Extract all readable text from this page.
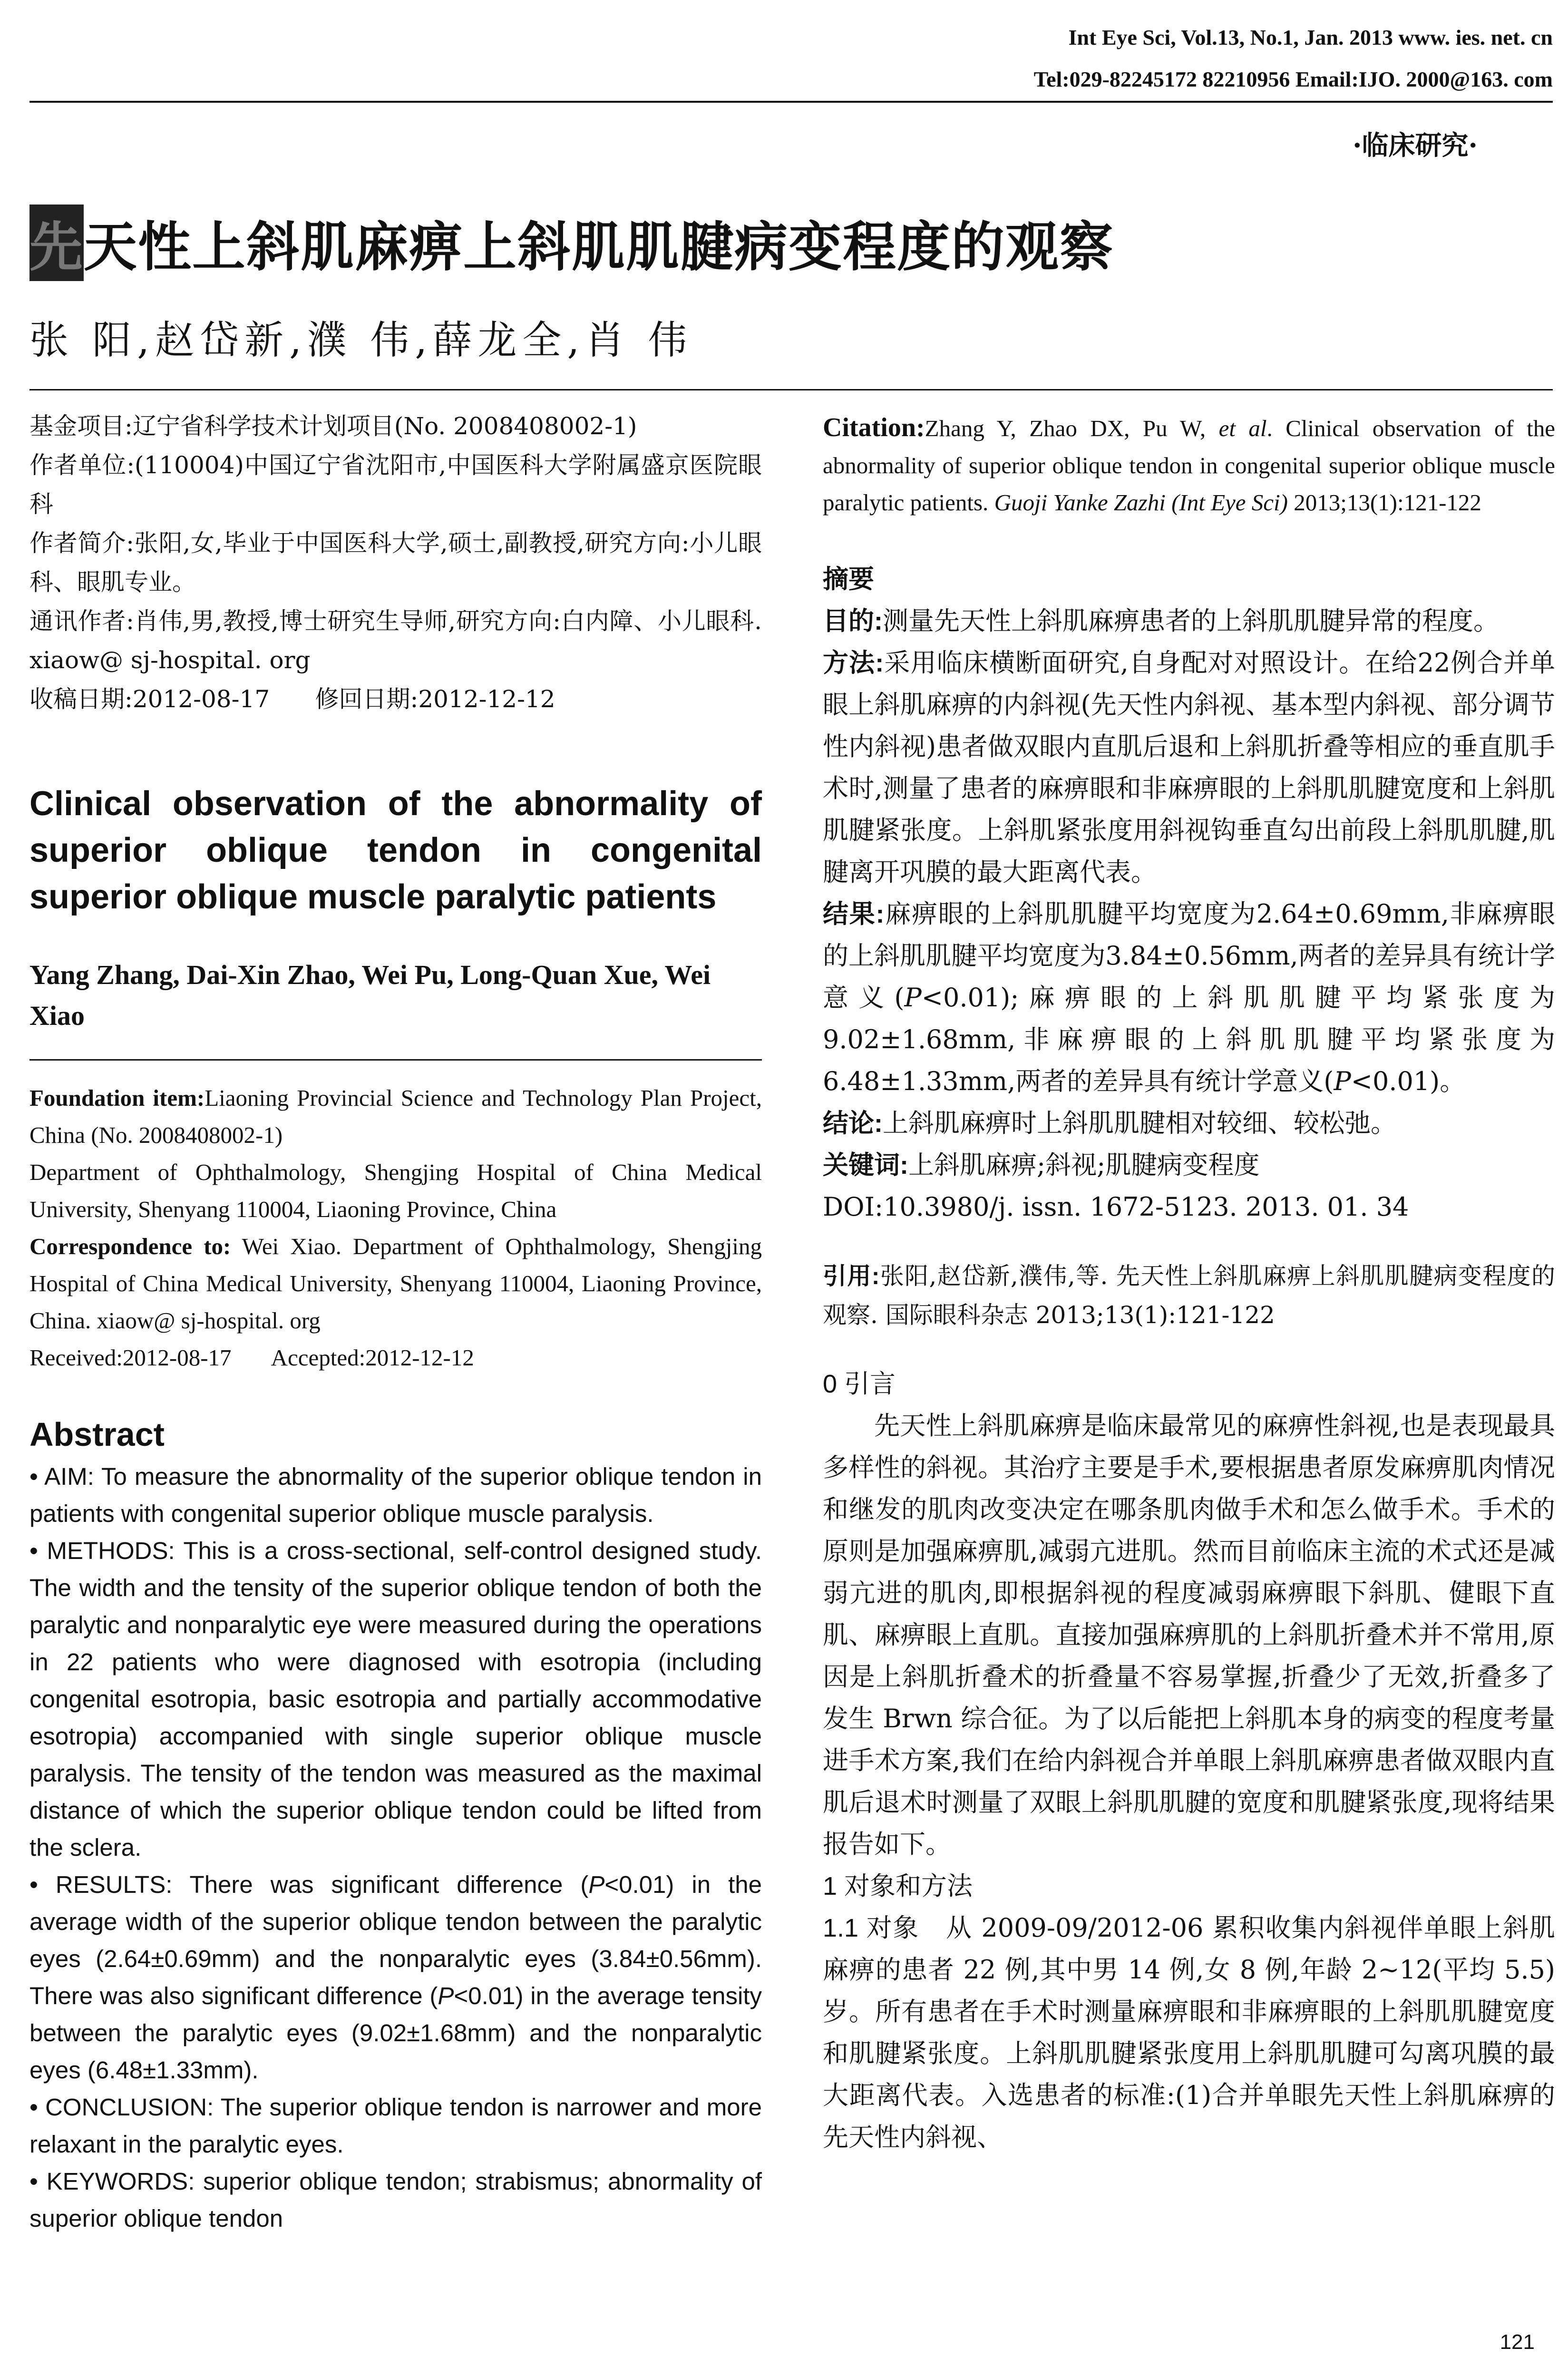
Int Eye Sci, Vol.13, No.1, Jan. 2013 www. ies. net. cn
Tel:029-82245172 82210956 Email:IJO. 2000@163. com
·临床研究·
先天性上斜肌麻痹上斜肌肌腱病变程度的观察
张 阳,赵岱新,濮 伟,薛龙全,肖 伟

基金项目:辽宁省科学技术计划项目(No. 2008408002-1)

作者单位:(110004)中国辽宁省沈阳市,中国医科大学附属盛京医院眼科

作者简介:张阳,女,毕业于中国医科大学,硕士,副教授,研究方向:小儿眼科、眼肌专业。

通讯作者:肖伟,男,教授,博士研究生导师,研究方向:白内障、小儿眼科. xiaow@ sj-hospital. org

收稿日期:2012-08-17      修回日期:2012-12-12

Clinical observation of the abnormality of superior oblique tendon in congenital superior oblique muscle paralytic patients

Yang Zhang, Dai-Xin Zhao, Wei Pu, Long-Quan Xue, Wei Xiao

Foundation item:Liaoning Provincial Science and Technology Plan Project, China (No. 2008408002-1)

Department of Ophthalmology, Shengjing Hospital of China Medical University, Shenyang 110004, Liaoning Province, China

Correspondence to: Wei Xiao. Department of Ophthalmology, Shengjing Hospital of China Medical University, Shenyang 110004, Liaoning Province, China. xiaow@ sj-hospital. org

Received:2012-08-17       Accepted:2012-12-12

Abstract

• AIM: To measure the abnormality of the superior oblique tendon in patients with congenital superior oblique muscle paralysis.

• METHODS: This is a cross-sectional, self-control designed study. The width and the tensity of the superior oblique tendon of both the paralytic and nonparalytic eye were measured during the operations in 22 patients who were diagnosed with esotropia (including congenital esotropia, basic esotropia and partially accommodative esotropia) accompanied with single superior oblique muscle paralysis. The tensity of the tendon was measured as the maximal distance of which the superior oblique tendon could be lifted from the sclera.

• RESULTS: There was significant difference (P<0.01) in the average width of the superior oblique tendon between the paralytic eyes (2.64±0.69mm) and the nonparalytic eyes (3.84±0.56mm). There was also significant difference (P<0.01) in the average tensity between the paralytic eyes (9.02±1.68mm) and the nonparalytic eyes (6.48±1.33mm).

• CONCLUSION: The superior oblique tendon is narrower and more relaxant in the paralytic eyes.

• KEYWORDS: superior oblique tendon; strabismus; abnormality of superior oblique tendon

Citation:Zhang Y, Zhao DX, Pu W, et al. Clinical observation of the abnormality of superior oblique tendon in congenital superior oblique muscle paralytic patients. Guoji Yanke Zazhi (Int Eye Sci) 2013;13(1):121-122

摘要

目的:测量先天性上斜肌麻痹患者的上斜肌肌腱异常的程度。

方法:采用临床横断面研究,自身配对对照设计。在给22例合并单眼上斜肌麻痹的内斜视(先天性内斜视、基本型内斜视、部分调节性内斜视)患者做双眼内直肌后退和上斜肌折叠等相应的垂直肌手术时,测量了患者的麻痹眼和非麻痹眼的上斜肌肌腱宽度和上斜肌肌腱紧张度。上斜肌紧张度用斜视钩垂直勾出前段上斜肌肌腱,肌腱离开巩膜的最大距离代表。

结果:麻痹眼的上斜肌肌腱平均宽度为2.64±0.69mm,非麻痹眼的上斜肌肌腱平均宽度为3.84±0.56mm,两者的差异具有统计学意义(P<0.01);麻痹眼的上斜肌肌腱平均紧张度为9.02±1.68mm,非麻痹眼的上斜肌肌腱平均紧张度为6.48±1.33mm,两者的差异具有统计学意义(P<0.01)。

结论:上斜肌麻痹时上斜肌肌腱相对较细、较松弛。

关键词:上斜肌麻痹;斜视;肌腱病变程度

DOI:10.3980/j. issn. 1672-5123. 2013. 01. 34

引用:张阳,赵岱新,濮伟,等. 先天性上斜肌麻痹上斜肌肌腱病变程度的观察. 国际眼科杂志 2013;13(1):121-122

0 引言

先天性上斜肌麻痹是临床最常见的麻痹性斜视,也是表现最具多样性的斜视。其治疗主要是手术,要根据患者原发麻痹肌肉情况和继发的肌肉改变决定在哪条肌肉做手术和怎么做手术。手术的原则是加强麻痹肌,减弱亢进肌。然而目前临床主流的术式还是减弱亢进的肌肉,即根据斜视的程度减弱麻痹眼下斜肌、健眼下直肌、麻痹眼上直肌。直接加强麻痹肌的上斜肌折叠术并不常用,原因是上斜肌折叠术的折叠量不容易掌握,折叠少了无效,折叠多了发生 Brwn 综合征。为了以后能把上斜肌本身的病变的程度考量进手术方案,我们在给内斜视合并单眼上斜肌麻痹患者做双眼内直肌后退术时测量了双眼上斜肌肌腱的宽度和肌腱紧张度,现将结果报告如下。

1 对象和方法

1.1 对象 从 2009-09/2012-06 累积收集内斜视伴单眼上斜肌麻痹的患者 22 例,其中男 14 例,女 8 例,年龄 2~12(平均 5.5)岁。所有患者在手术时测量麻痹眼和非麻痹眼的上斜肌肌腱宽度和肌腱紧张度。上斜肌肌腱紧张度用上斜肌肌腱可勾离巩膜的最大距离代表。入选患者的标准:(1)合并单眼先天性上斜肌麻痹的先天性内斜视、

121
